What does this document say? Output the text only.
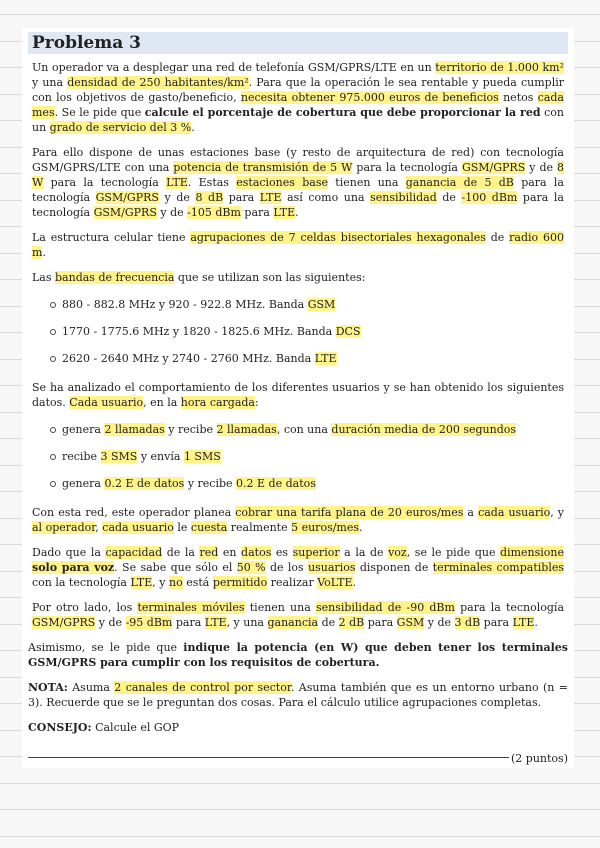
Problema 3

Un operador va a desplegar una red de telefonía GSM/GPRS/LTE en un territorio de 1.000 km² y una densidad de 250 habitantes/km². Para que la operación le sea rentable y pueda cumplir con los objetivos de gasto/beneficio, necesita obtener 975.000 euros de beneficios netos cada mes. Se le pide que calcule el porcentaje de cobertura que debe proporcionar la red con un grado de servicio del 3 %.

Para ello dispone de unas estaciones base (y resto de arquitectura de red) con tecnología GSM/GPRS/LTE con una potencia de transmisión de 5 W para la tecnología GSM/GPRS y de 8 W para la tecnología LTE. Estas estaciones base tienen una ganancia de 5 dB para la tecnología GSM/GPRS y de 8 dB para LTE así como una sensibilidad de -100 dBm para la tecnología GSM/GPRS y de -105 dBm para LTE.

La estructura celular tiene agrupaciones de 7 celdas bisectoriales hexagonales de radio 600 m.

Las bandas de frecuencia que se utilizan son las siguientes:

880 - 882.8 MHz y 920 - 922.8 MHz. Banda GSM
1770 - 1775.6 MHz y 1820 - 1825.6 MHz. Banda DCS
2620 - 2640 MHz y 2740 - 2760 MHz. Banda LTE

Se ha analizado el comportamiento de los diferentes usuarios y se han obtenido los siguientes datos. Cada usuario, en la hora cargada:

genera 2 llamadas y recibe 2 llamadas, con una duración media de 200 segundos
recibe 3 SMS y envía 1 SMS
genera 0.2 E de datos y recibe 0.2 E de datos

Con esta red, este operador planea cobrar una tarifa plana de 20 euros/mes a cada usuario, y al operador, cada usuario le cuesta realmente 5 euros/mes.

Dado que la capacidad de la red en datos es superior a la de voz, se le pide que dimensione solo para voz. Se sabe que sólo el 50 % de los usuarios disponen de terminales compatibles con la tecnología LTE, y no está permitido realizar VoLTE.

Por otro lado, los terminales móviles tienen una sensibilidad de -90 dBm para la tecnología GSM/GPRS y de -95 dBm para LTE, y una ganancia de 2 dB para GSM y de 3 dB para LTE.

Asimismo, se le pide que indique la potencia (en W) que deben tener los terminales GSM/GPRS para cumplir con los requisitos de cobertura.

NOTA: Asuma 2 canales de control por sector. Asuma también que es un entorno urbano (n = 3). Recuerde que se le preguntan dos cosas. Para el cálculo utilice agrupaciones completas.

CONSEJO: Calcule el GOP

(2 puntos)
